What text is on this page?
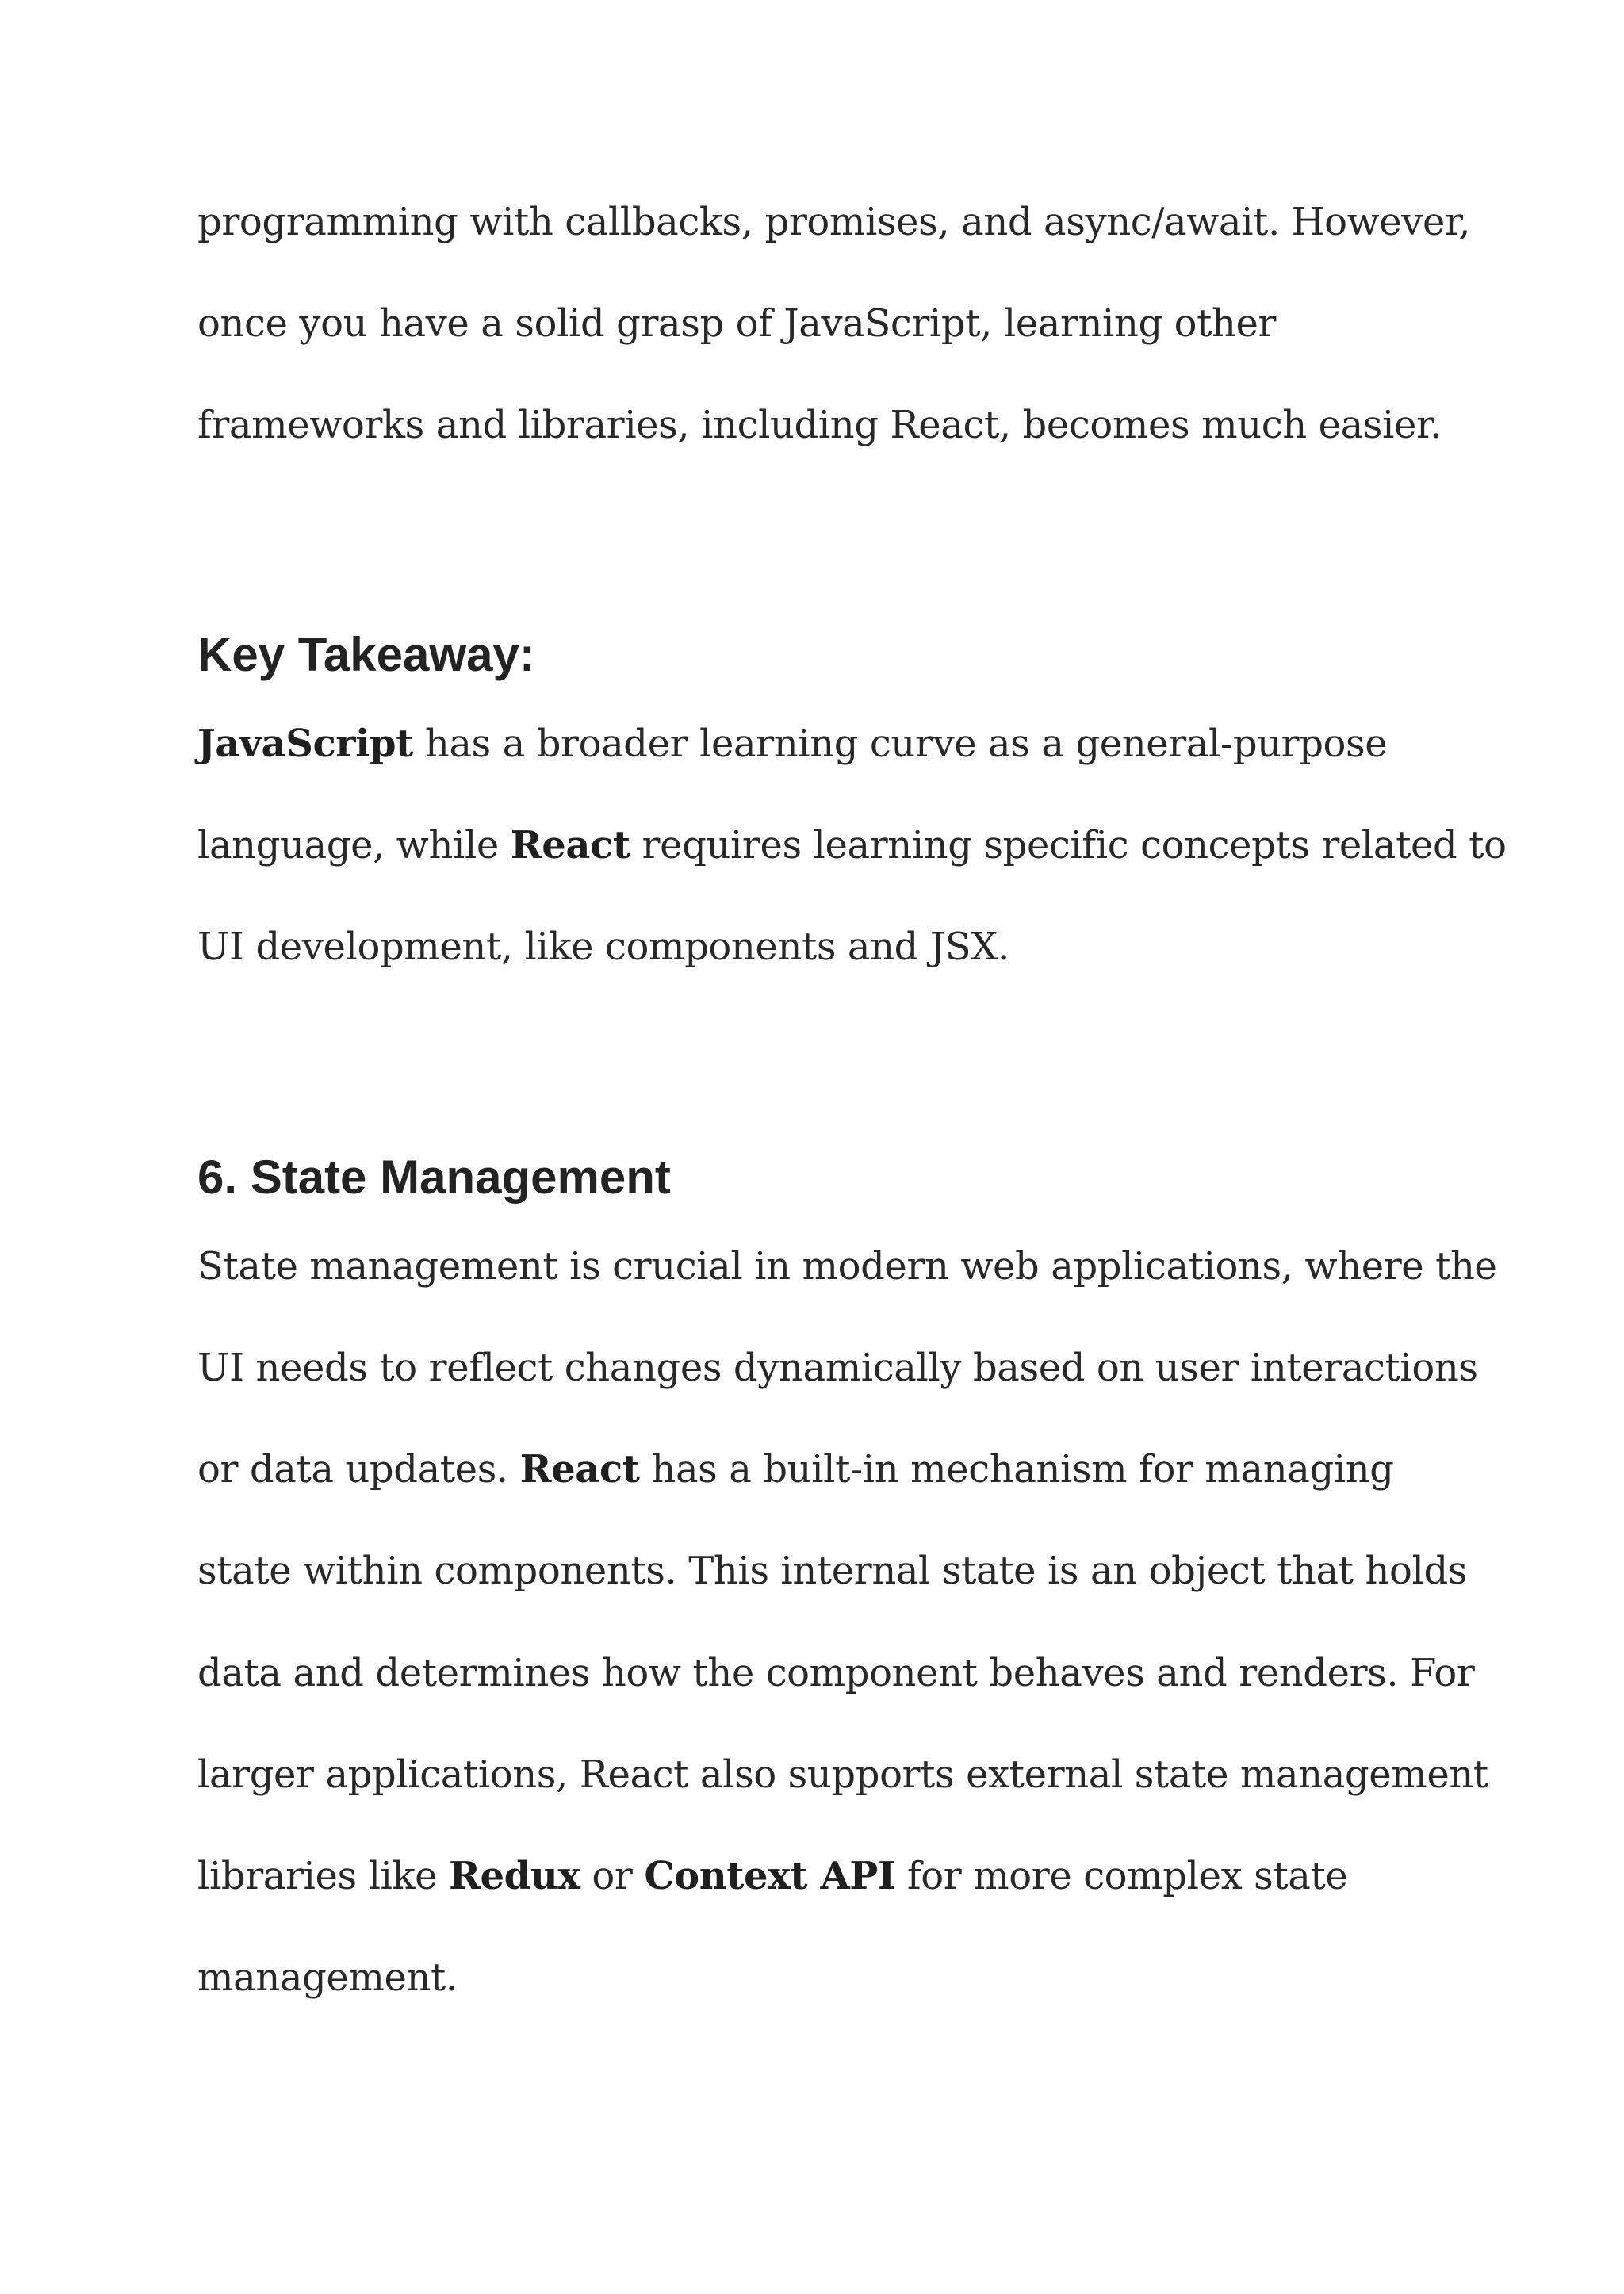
programming with callbacks, promises, and async/await. However,

once you have a solid grasp of JavaScript, learning other

frameworks and libraries, including React, becomes much easier.

Key Takeaway:

JavaScript has a broader learning curve as a general-purpose

language, while React requires learning specific concepts related to

UI development, like components and JSX.

6. State Management

State management is crucial in modern web applications, where the

UI needs to reflect changes dynamically based on user interactions

or data updates. React has a built-in mechanism for managing

state within components. This internal state is an object that holds

data and determines how the component behaves and renders. For

larger applications, React also supports external state management

libraries like Redux or Context API for more complex state

management.
